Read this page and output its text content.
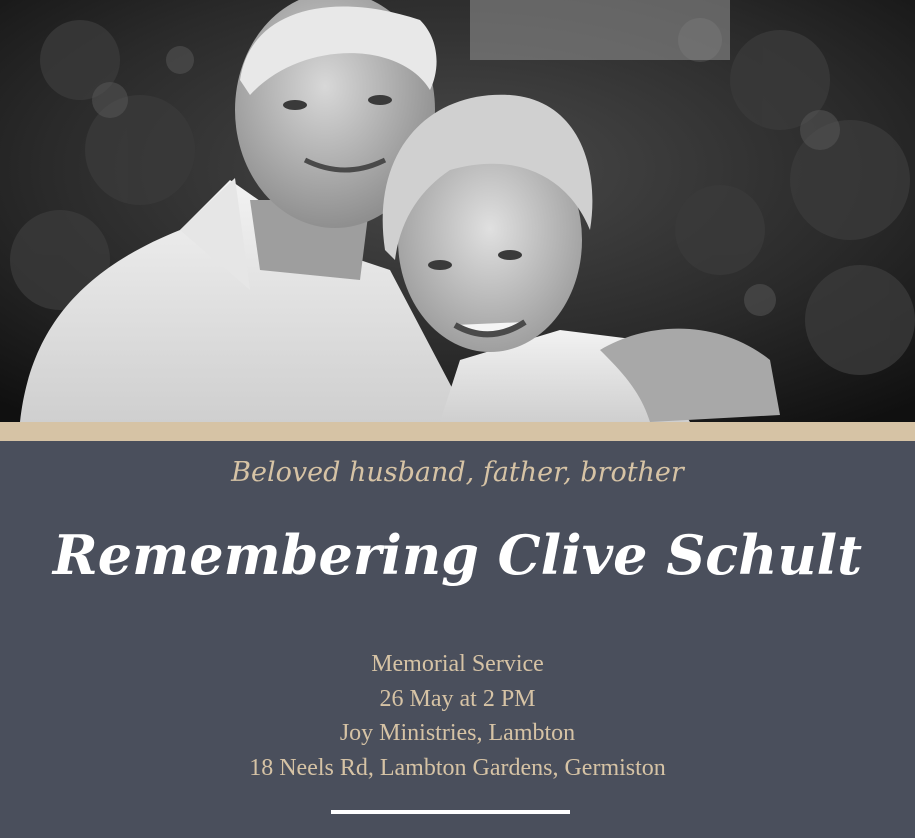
Beloved husband, father, brother

Remembering Clive Schult
Memorial Service
26 May at 2 PM
Joy Ministries, Lambton
18 Neels Rd, Lambton Gardens, Germiston
